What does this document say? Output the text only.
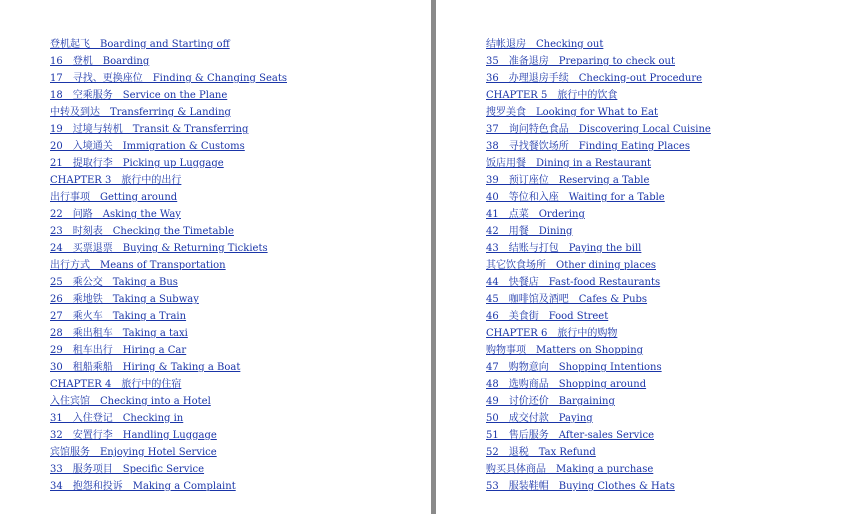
登机起飞　Boarding and Starting off
16　登机　Boarding
17　寻找、更换座位　Finding & Changing Seats
18　空乘服务　Service on the Plane
中转及到达　Transferring & Landing
19　过境与转机　Transit & Transferring
20　入境通关　Immigration & Customs
21　提取行李　Picking up Luggage
CHAPTER 3　旅行中的出行
出行事项　Getting around
22　问路　Asking the Way
23　时刻表　Checking the Timetable
24　买票退票　Buying & Returning Tickiets
出行方式　Means of Transportation
25　乘公交　Taking a Bus
26　乘地铁　Taking a Subway
27　乘火车　Taking a Train
28　乘出租车　Taking a taxi
29　租车出行　Hiring a Car
30　租船乘船　Hiring & Taking a Boat
CHAPTER 4　旅行中的住宿
入住宾馆　Checking into a Hotel
31　入住登记　Checking in
32　安置行李　Handling Luggage
宾馆服务　Enjoying Hotel Service
33　服务项目　Specific Service
34　抱怨和投诉　Making a Complaint
结帐退房　Checking out
35　准备退房　Preparing to check out
36　办理退房手续　Checking-out Procedure
CHAPTER 5　旅行中的饮食
搜罗美食　Looking for What to Eat
37　询问特色食品　Discovering Local Cuisine
38　寻找餐饮场所　Finding Eating Places
饭店用餐　Dining in a Restaurant
39　预订座位　Reserving a Table
40　等位和入座　Waiting for a Table
41　点菜　Ordering
42　用餐　Dining
43　结账与打包　Paying the bill
其它饮食场所　Other dining places
44　快餐店　Fast-food Restaurants
45　咖啡馆及酒吧　Cafes & Pubs
46　美食街　Food Street
CHAPTER 6　旅行中的购物
购物事项　Matters on Shopping
47　购物意向　Shopping Intentions
48　选购商品　Shopping around
49　讨价还价　Bargaining
50　成交付款　Paying
51　售后服务　After-sales Service
52　退税　Tax Refund
购买具体商品　Making a purchase
53　服装鞋帽　Buying Clothes & Hats
